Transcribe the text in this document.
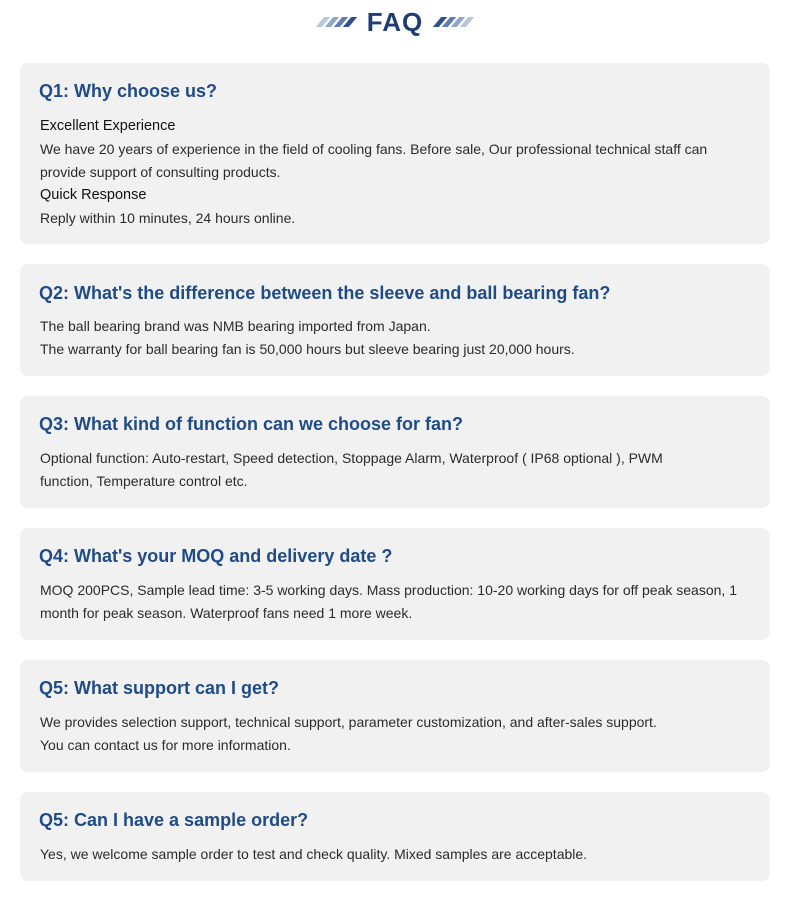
FAQ
Q1: Why choose us?

Excellent Experience

We have 20 years of experience in the field of cooling fans. Before sale, Our professional technical staff can provide support of consulting products.

Quick Response

Reply within 10 minutes, 24 hours online.

Q2: What's the difference between the sleeve and ball bearing fan?

The ball bearing brand was NMB bearing imported from Japan.

The warranty for ball bearing fan is 50,000 hours but sleeve bearing just 20,000 hours.

Q3: What kind of function can we choose for fan?

Optional function: Auto-restart, Speed detection, Stoppage Alarm, Waterproof ( IP68 optional ), PWM function, Temperature control etc.

Q4: What's your MOQ and delivery date ?

MOQ 200PCS, Sample lead time: 3-5 working days. Mass production: 10-20 working days for off peak season, 1 month for peak season. Waterproof fans need 1 more week.

Q5: What support can I get?

We provides selection support, technical support, parameter customization, and after-sales support.

You can contact us for more information.

Q5: Can I have a sample order?

Yes, we welcome sample order to test and check quality. Mixed samples are acceptable.
